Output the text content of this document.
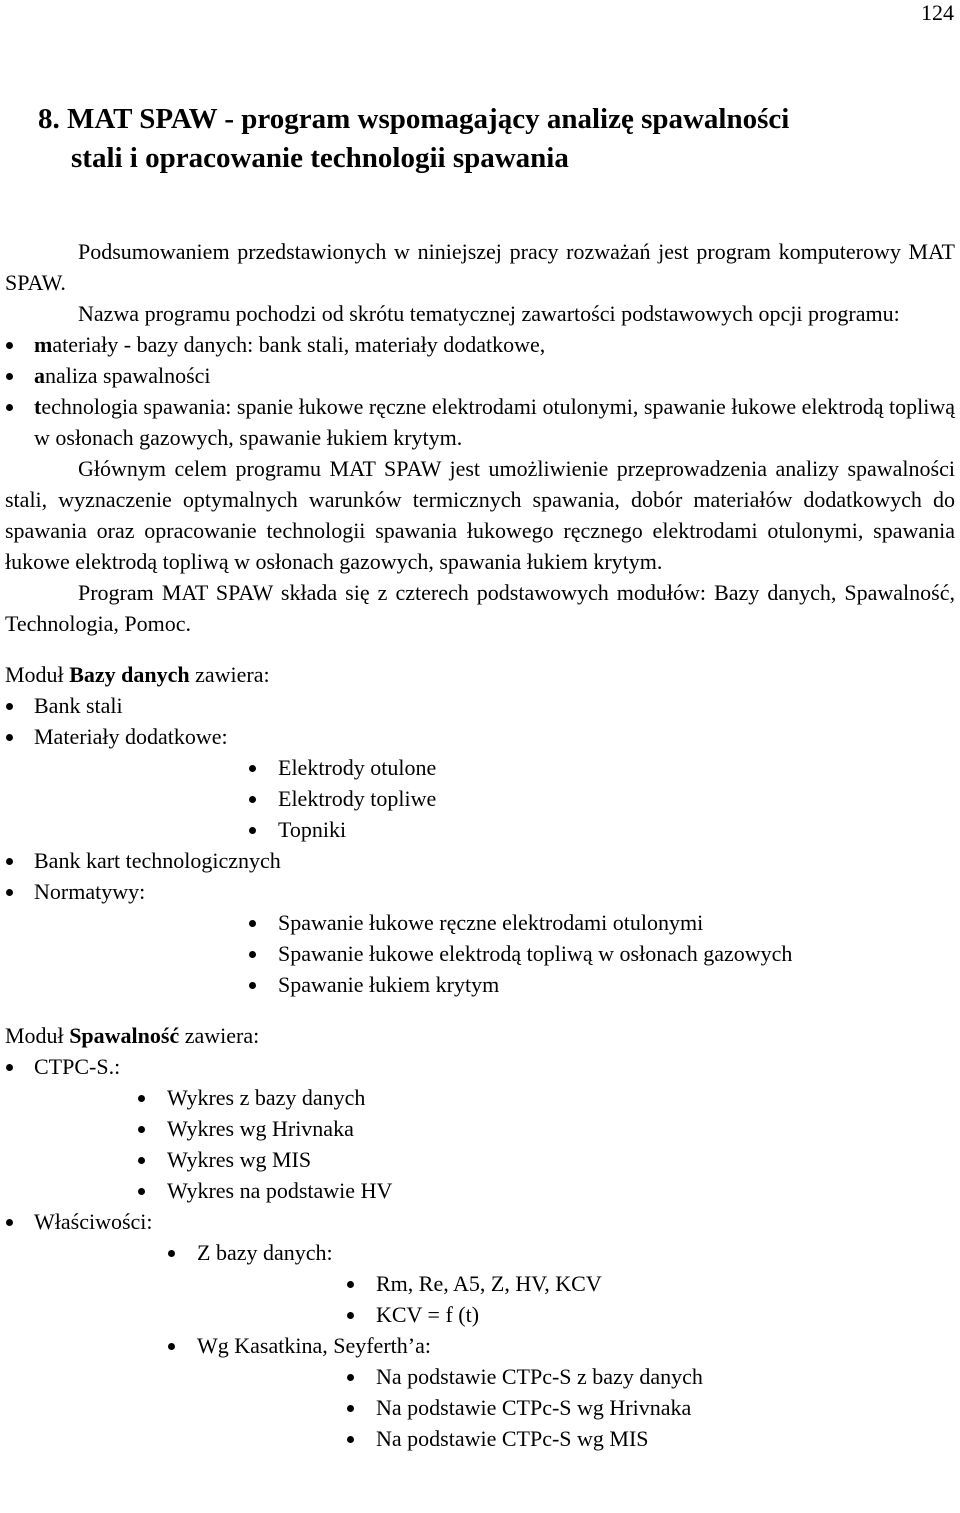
124
8. MAT SPAW - program wspomagający analizę spawalności
stali i opracowanie technologii spawania

Podsumowaniem przedstawionych w niniejszej pracy rozważań jest program komputerowy MAT SPAW.

Nazwa programu pochodzi od skrótu tematycznej zawartości podstawowych opcji programu:

materiały - bazy danych: bank stali, materiały dodatkowe,
analiza spawalności
technologia spawania: spanie łukowe ręczne elektrodami otulonymi, spawanie łukowe elektrodą topliwą w osłonach gazowych, spawanie łukiem krytym.

Głównym celem programu MAT SPAW jest umożliwienie przeprowadzenia analizy spawalności stali, wyznaczenie optymalnych warunków termicznych spawania, dobór materiałów dodatkowych do spawania oraz opracowanie technologii spawania łukowego ręcznego elektrodami otulonymi, spawania łukowe elektrodą topliwą w osłonach gazowych, spawania łukiem krytym.

Program MAT SPAW składa się z czterech podstawowych modułów: Bazy danych, Spawalność, Technologia, Pomoc.

Moduł Bazy danych zawiera:

Bank stali
Materiały dodatkowe:
Elektrody otulone
Elektrody topliwe
Topniki
Bank kart technologicznych
Normatywy:
Spawanie łukowe ręczne elektrodami otulonymi
Spawanie łukowe elektrodą topliwą w osłonach gazowych
Spawanie łukiem krytym

Moduł Spawalność zawiera:

CTPC-S.:
Wykres z bazy danych
Wykres wg Hrivnaka
Wykres wg MIS
Wykres na podstawie HV
Właściwości:
Z bazy danych:
Rm, Re, A5, Z, HV, KCV
KCV = f (t)
Wg Kasatkina, Seyferth’a:
Na podstawie CTPc-S z bazy danych
Na podstawie CTPc-S wg Hrivnaka
Na podstawie CTPc-S wg MIS
